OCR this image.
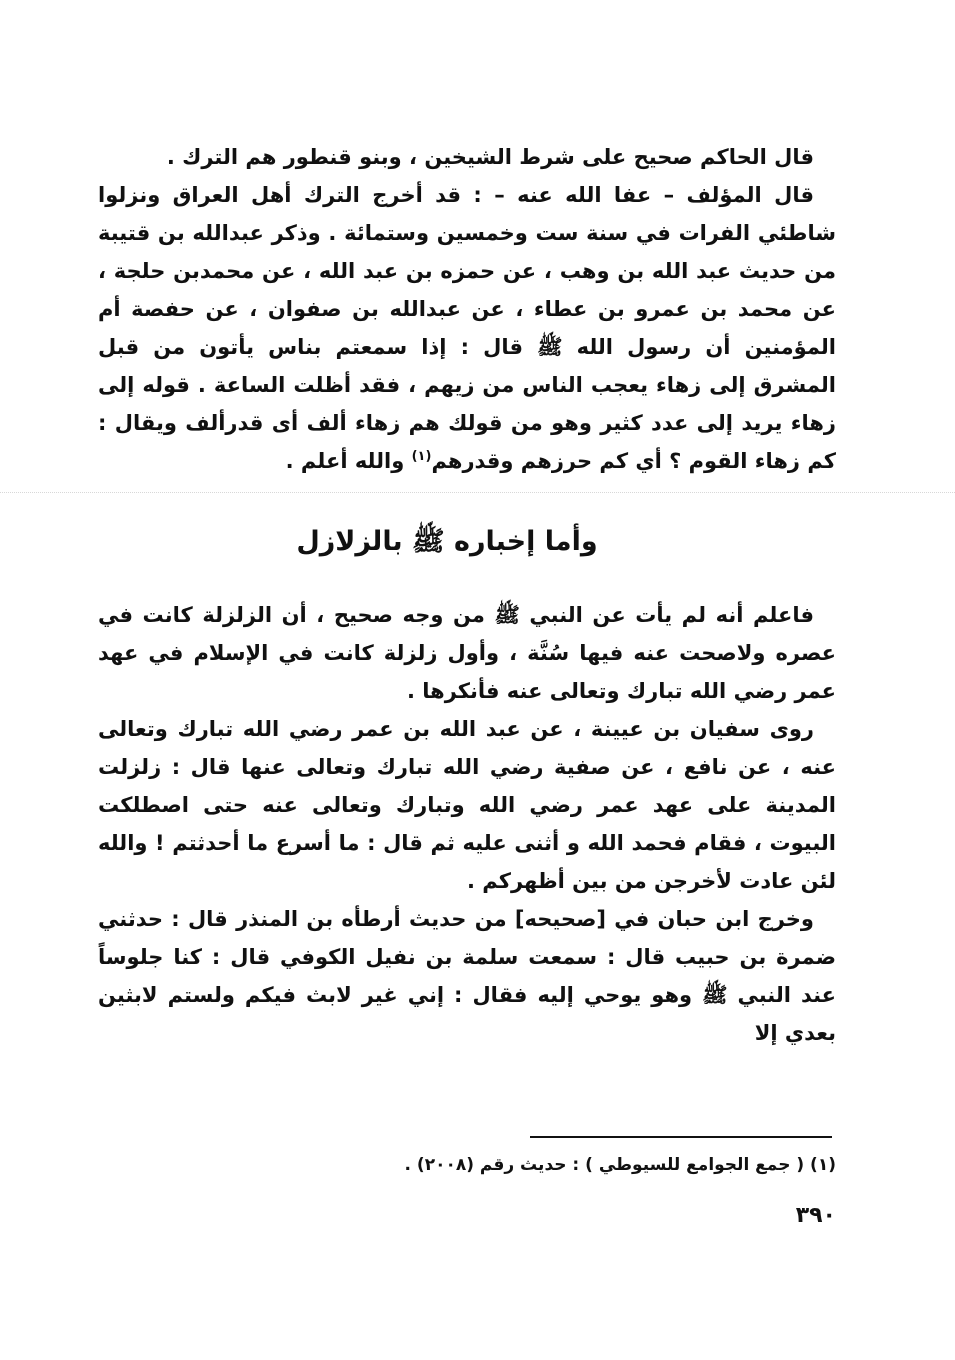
قال الحاكم صحيح على شرط الشيخين ، وبنو قنطور هم الترك .

قال المؤلف – عفا الله عنه – : قد أخرج الترك أهل العراق ونزلوا شاطئي الفرات في سنة ست وخمسين وستمائة . وذكر عبدالله بن قتيبة من حديث عبد الله بن وهب ، عن حمزه بن عبد الله ، عن محمدبن حلجة ، عن محمد بن عمرو بن عطاء ، عن عبدالله بن صفوان ، عن حفصة أم المؤمنين أن رسول الله ﷺ قال : إذا سمعتم بناس يأتون من قبل المشرق إلى زهاء يعجب الناس من زيهم ، فقد أظلت الساعة . قوله إلى زهاء يريد إلى عدد كثير وهو من قولك هم زهاء ألف أى قدرألف ويقال : كم زهاء القوم ؟ أي كم حرزهم وقدرهم$^{(١)}$ والله أعلم .

وأما إخباره ﷺ بالزلازل

فاعلم أنه لم يأت عن النبي ﷺ من وجه صحيح ، أن الزلزلة كانت في عصره ولاصحت عنه فيها سُنَّة ، وأول زلزلة كانت في الإسلام في عهد عمر رضي الله تبارك وتعالى عنه فأنكرها .

روى سفيان بن عيينة ، عن عبد الله بن عمر رضي الله تبارك وتعالى عنه ، عن نافع ، عن صفية رضي الله تبارك وتعالى عنها قال : زلزلت المدينة على عهد عمر رضي الله وتبارك وتعالى عنه حتى اصطلكت البيوت ، فقام فحمد الله و أثنى عليه ثم قال : ما أسرع ما أحدثتم ! والله لئن عادت لأخرجن من بين أظهركم .

وخرج ابن حبان في [صحيحه] من حديث أرطأه بن المنذر قال : حدثني ضمرة بن حبيب قال : سمعت سلمة بن نفيل الكوفي قال : كنا جلوساً عند النبي ﷺ وهو يوحي إليه فقال : إني غير لابث فيكم ولستم لابثين بعدي إلا

(١) ( جمع الجوامع للسيوطي ) : حديث رقم (٢٠٠٨) .
٣٩٠
